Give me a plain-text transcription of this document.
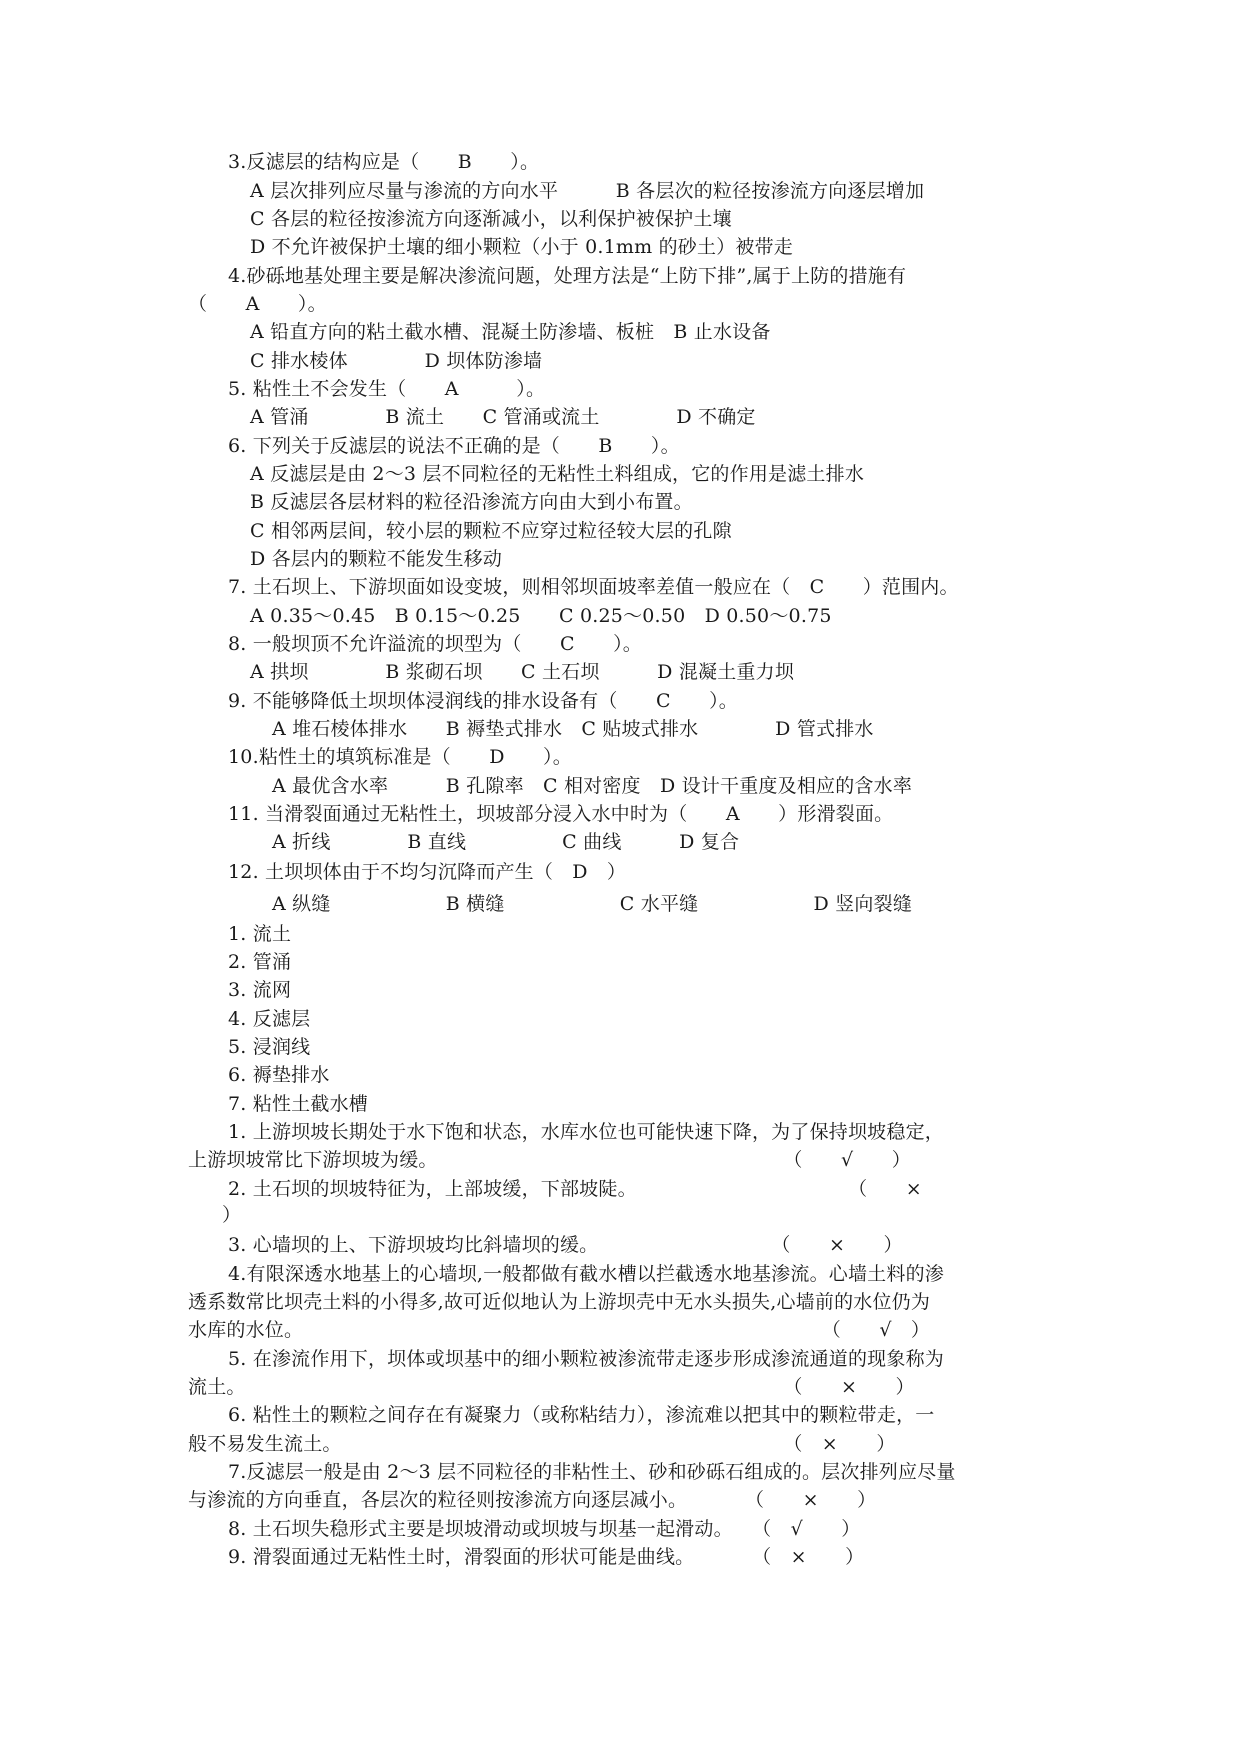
3.反滤层的结构应是（　　B　　）。
A 层次排列应尽量与渗流的方向水平　　　B 各层次的粒径按渗流方向逐层增加
C 各层的粒径按渗流方向逐渐减小，以利保护被保护土壤
D 不允许被保护土壤的细小颗粒（小于 0.1mm 的砂土）被带走
4.砂砾地基处理主要是解决渗流问题，处理方法是“上防下排”,属于上防的措施有
（　　A　　）。
A 铅直方向的粘土截水槽、混凝土防渗墙、板桩　B 止水设备
C 排水棱体　　　　D 坝体防渗墙
5. 粘性土不会发生（　　A　　　）。
A 管涌　　　　B 流土　　C 管涌或流土　　　　D 不确定
6. 下列关于反滤层的说法不正确的是（　　B　　）。
A 反滤层是由 2～3 层不同粒径的无粘性土料组成，它的作用是滤土排水
B 反滤层各层材料的粒径沿渗流方向由大到小布置。
C 相邻两层间，较小层的颗粒不应穿过粒径较大层的孔隙
D 各层内的颗粒不能发生移动
7. 土石坝上、下游坝面如设变坡，则相邻坝面坡率差值一般应在（　C　　）范围内。
A 0.35～0.45　B 0.15～0.25　　C 0.25～0.50　D 0.50～0.75
8. 一般坝顶不允许溢流的坝型为（　　C　　）。
A 拱坝　　　　B 浆砌石坝　　C 土石坝　　　D 混凝土重力坝
9. 不能够降低土坝坝体浸润线的排水设备有（　　C　　）。
A 堆石棱体排水　　B 褥垫式排水　C 贴坡式排水　　　　D 管式排水
10.粘性土的填筑标准是（　　D　　）。
A 最优含水率　　　B 孔隙率　C 相对密度　D 设计干重度及相应的含水率
11. 当滑裂面通过无粘性土，坝坡部分浸入水中时为（　　A　　）形滑裂面。
A 折线　　　　B 直线　　　　　C 曲线　　　D 复合
12. 土坝坝体由于不均匀沉降而产生（　D　）
A 纵缝　　　　　　B 横缝　　　　　　C 水平缝　　　　　　D 竖向裂缝
1. 流土
2. 管涌
3. 流网
4. 反滤层
5. 浸润线
6. 褥垫排水
7. 粘性土截水槽
1. 上游坝坡长期处于水下饱和状态，水库水位也可能快速下降，为了保持坝坡稳定，
上游坝坡常比下游坝坡为缓。　　　　　　　　　　　　　　　　　　　（　　√　　）
2. 土石坝的坝坡特征为，上部坡缓，下部坡陡。　　　　　　　　　　　　（　　×
）
3. 心墙坝的上、下游坝坡均比斜墙坝的缓。　　　　　　　　　　（　　×　　）
4.有限深透水地基上的心墙坝,一般都做有截水槽以拦截透水地基渗流。心墙土料的渗
透系数常比坝壳土料的小得多,故可近似地认为上游坝壳中无水头损失,心墙前的水位仍为
水库的水位。　　　　　　　　　　　　　　　　　　　　　　　　　　　　（　　√　）
5. 在渗流作用下，坝体或坝基中的细小颗粒被渗流带走逐步形成渗流通道的现象称为
流土。　　　　　　　　　　　　　　　　　　　　　　　　　　　　　（　　×　　）
6. 粘性土的颗粒之间存在有凝聚力（或称粘结力），渗流难以把其中的颗粒带走，一
般不易发生流土。　　　　　　　　　　　　　　　　　　　　　　　　（　×　　）
7.反滤层一般是由 2～3 层不同粒径的非粘性土、砂和砂砾石组成的。层次排列应尽量
与渗流的方向垂直，各层次的粒径则按渗流方向逐层减小。　　　　（　　×　　）
8. 土石坝失稳形式主要是坝坡滑动或坝坡与坝基一起滑动。　　（　√　　）
9. 滑裂面通过无粘性土时，滑裂面的形状可能是曲线。　　　　（　×　　）
